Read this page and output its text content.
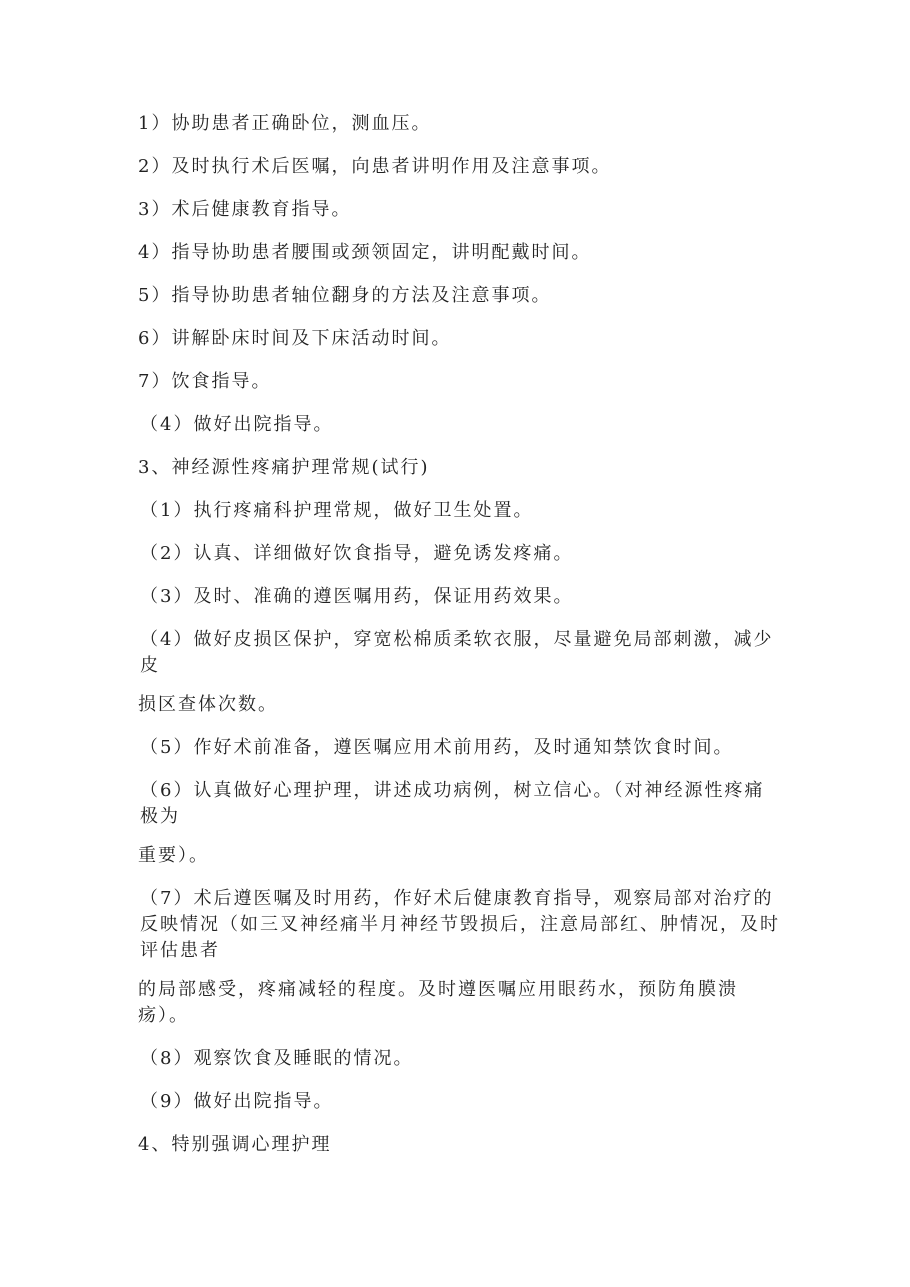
1）协助患者正确卧位，测血压。
2）及时执行术后医嘱，向患者讲明作用及注意事项。
3）术后健康教育指导。
4）指导协助患者腰围或颈领固定，讲明配戴时间。
5）指导协助患者轴位翻身的方法及注意事项。
6）讲解卧床时间及下床活动时间。
7）饮食指导。
（4）做好出院指导。
3、神经源性疼痛护理常规(试行)
（1）执行疼痛科护理常规，做好卫生处置。
（2）认真、详细做好饮食指导，避免诱发疼痛。
（3）及时、准确的遵医嘱用药，保证用药效果。
（4）做好皮损区保护，穿宽松棉质柔软衣服，尽量避免局部刺激，减少皮
损区查体次数。
（5）作好术前准备，遵医嘱应用术前用药，及时通知禁饮食时间。
（6）认真做好心理护理，讲述成功病例，树立信心。（对神经源性疼痛极为
重要）。
（7）术后遵医嘱及时用药，作好术后健康教育指导，观察局部对治疗的反映情况（如三叉神经痛半月神经节毁损后，注意局部红、肿情况，及时评估患者
的局部感受，疼痛减轻的程度。及时遵医嘱应用眼药水，预防角膜溃疡）。
（8）观察饮食及睡眠的情况。
（9）做好出院指导。
4、特别强调心理护理
